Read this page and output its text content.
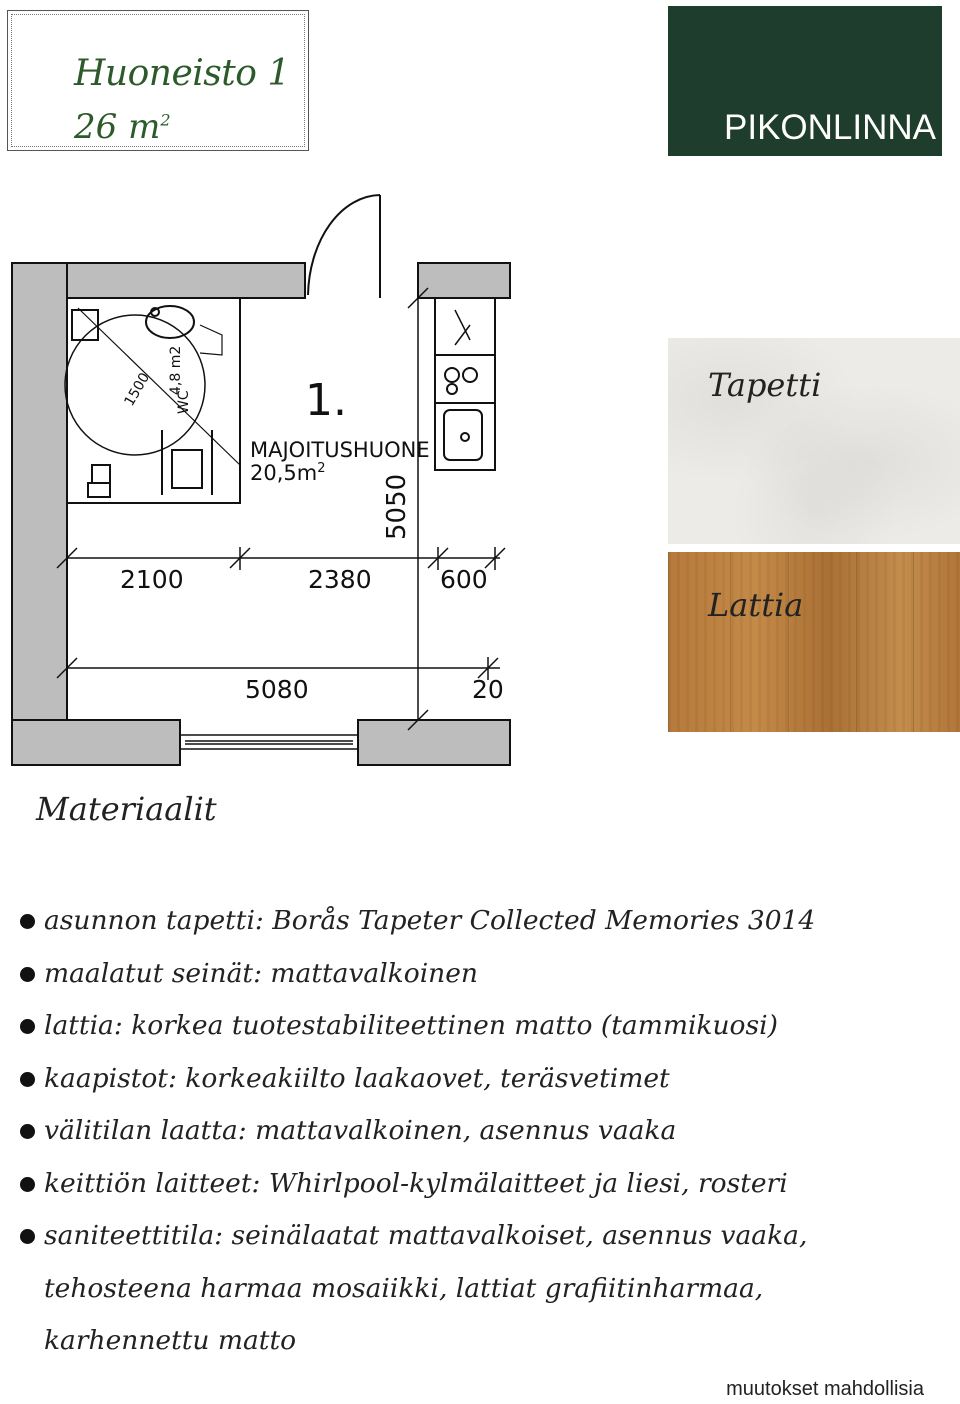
Huoneisto 1
26 $m^2$	PIKONLINNA
1500 4,8 m2
WC	1.
MAJOITUSHUONE
$20,5m^2$
5050
2100	2380	600
5080	20
Tapetti
Lattia
Materiaalit
asunnon tapetti: Borås Tapeter Collected Memories 3014
maalatut seinät: mattavalkoinen
lattia: korkea tuotestabiliteettinen matto (tammikuosi)
kaapistot: korkeakiilto laakaovet, teräsvetimet
välitilan laatta: mattavalkoinen, asennus vaaka
keittiön laitteet: Whirlpool-kylmälaitteet ja liesi, rosteri
saniteettitila: seinälaatat mattavalkoiset, asennus vaaka,
tehosteena harmaa mosaiikki, lattiat grafiitinharmaa,
karhennettu matto
muutokset mahdollisia
